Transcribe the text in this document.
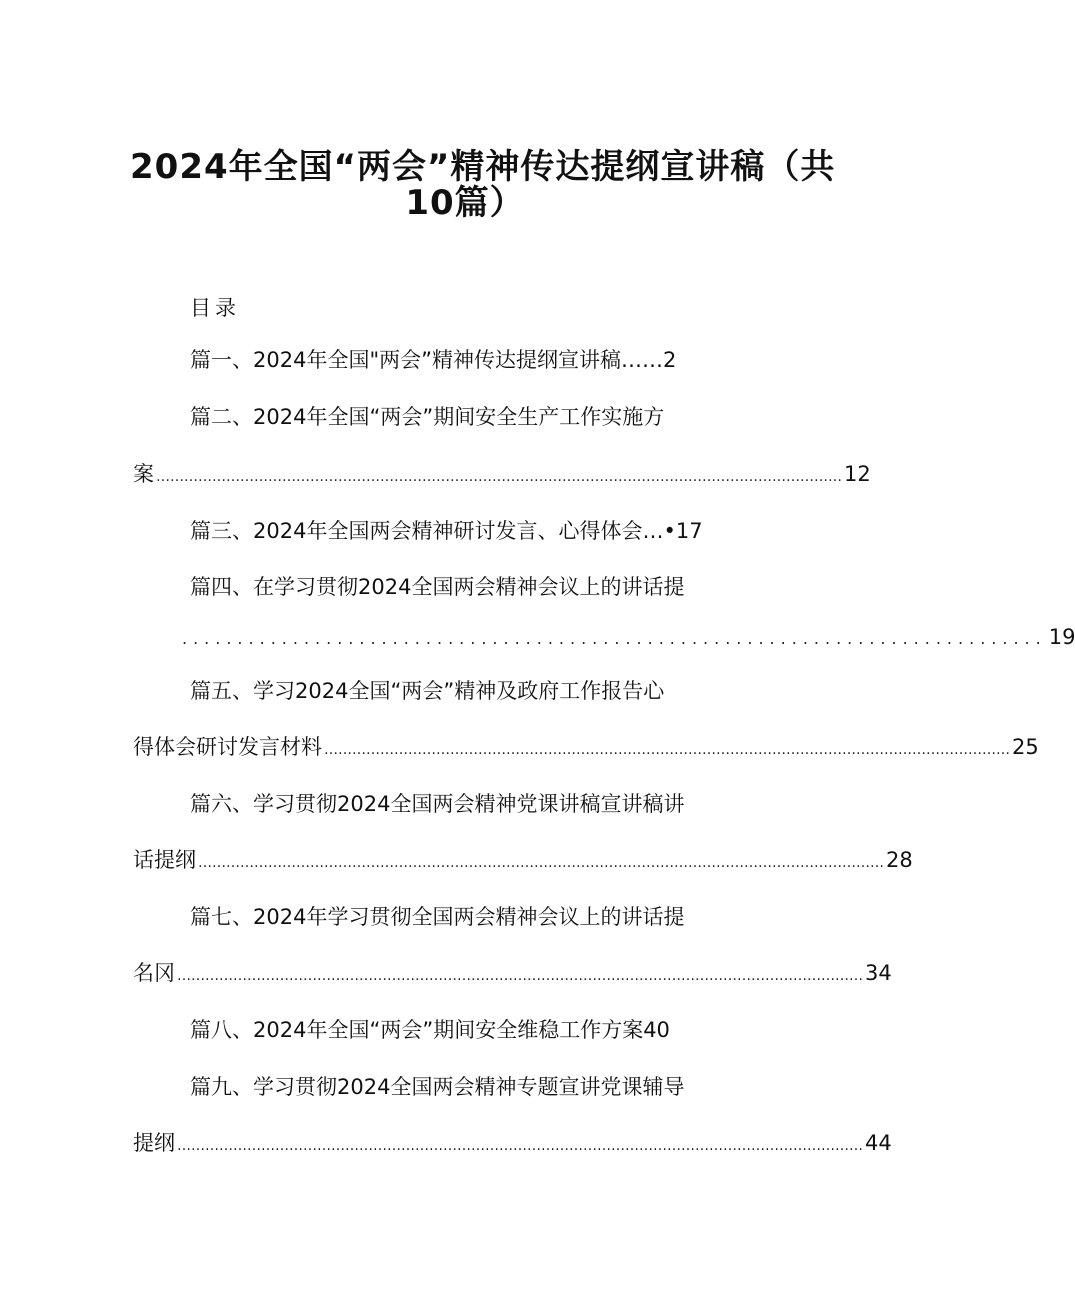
2024年全国“两会”精神传达提纲宣讲稿（共
10篇）
目录
篇一、2024年全国"两会”精神传达提纲宣讲稿……2
篇二、2024年全国“两会”期间安全生产工作实施方
案 ………………………………………………………………………………………………………………………………… 12
篇三、2024年全国两会精神研讨发言、心得体会…•17
篇四、在学习贯彻2024全国两会精神会议上的讲话提
.............................................................................. 19
篇五、学习2024全国“两会”精神及政府工作报告心
得体会研讨发言材料 ………………………………………………………………………………………………………………………………… 25
篇六、学习贯彻2024全国两会精神党课讲稿宣讲稿讲
话提纲 ………………………………………………………………………………………………………………………………… 28
篇七、2024年学习贯彻全国两会精神会议上的讲话提
名冈 ………………………………………………………………………………………………………………………………… 34
篇八、2024年全国“两会”期间安全维稳工作方案40
篇九、学习贯彻2024全国两会精神专题宣讲党课辅导
提纲 ………………………………………………………………………………………………………………………………… 44
